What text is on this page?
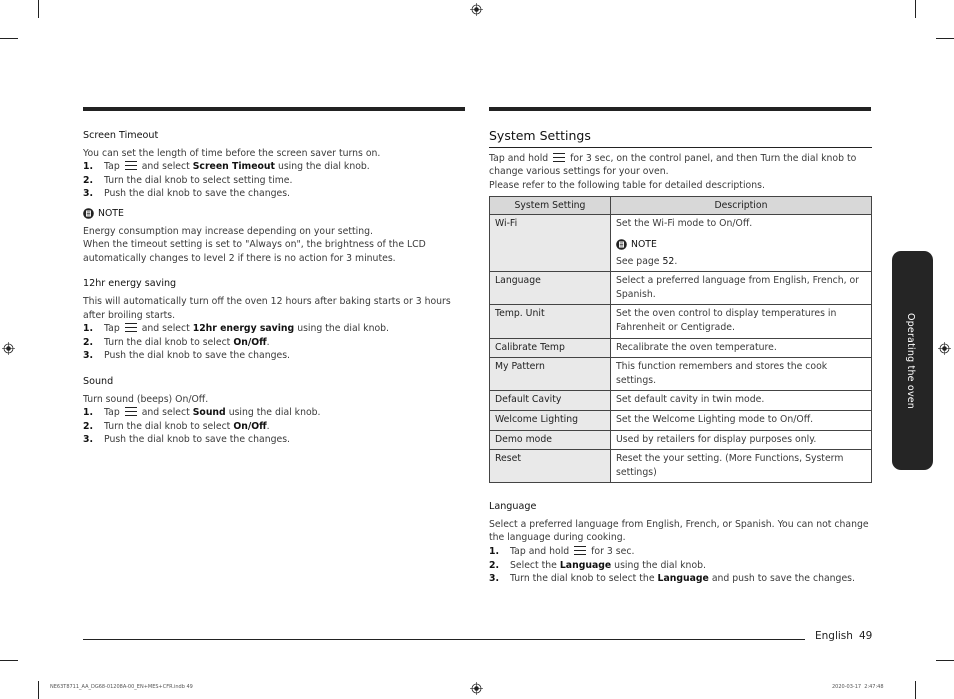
Screen Timeout

You can set the length of time before the screen saver turns on.

1.	Tap and select Screen Timeout using the dial knob.
2.	Turn the dial knob to select setting time.
3.	Push the dial knob to save the changes.
NOTE

Energy consumption may increase depending on your setting.

When the timeout setting is set to "Always on", the brightness of the LCD

automatically changes to level 2 if there is no action for 3 minutes.

12hr energy saving

This will automatically turn off the oven 12 hours after baking starts or 3 hours

after broiling starts.

1.	Tap and select 12hr energy saving using the dial knob.
2.	Turn the dial knob to select On/Off.
3.	Push the dial knob to save the changes.

Sound

Turn sound (beeps) On/Off.

1.	Tap and select Sound using the dial knob.
2.	Turn the dial knob to select On/Off.
3.	Push the dial knob to save the changes.

System Settings

Tap and hold for 3 sec, on the control panel, and then Turn the dial knob to

change various settings for your oven.

Please refer to the following table for detailed descriptions.

System Setting	Description
Wi-Fi	Set the Wi-Fi mode to On/Off.
NOTE
See page 52.

Language	Select a preferred language from English, French, or Spanish.
Temp. Unit	Set the oven control to display temperatures in Fahrenheit or Centigrade.
Calibrate Temp	Recalibrate the oven temperature.
My Pattern	This function remembers and stores the cook settings.
Default Cavity	Set default cavity in twin mode.
Welcome Lighting	Set the Welcome Lighting mode to On/Off.
Demo mode	Used by retailers for display purposes only.
Reset	Reset the your setting. (More Functions, Systerm settings)

Language

Select a preferred language from English, French, or Spanish. You can not change

the language during cooking.

1.	Tap and hold for 3 sec.
2.	Select the Language using the dial knob.
3.	Turn the dial knob to select the Language and push to save the changes.
Operating the oven
English 49
NE63T8711_AA_DG68-01208A-00_EN+MES+CFR.indb 49	2020-03-17 ￼ 2:47:48
